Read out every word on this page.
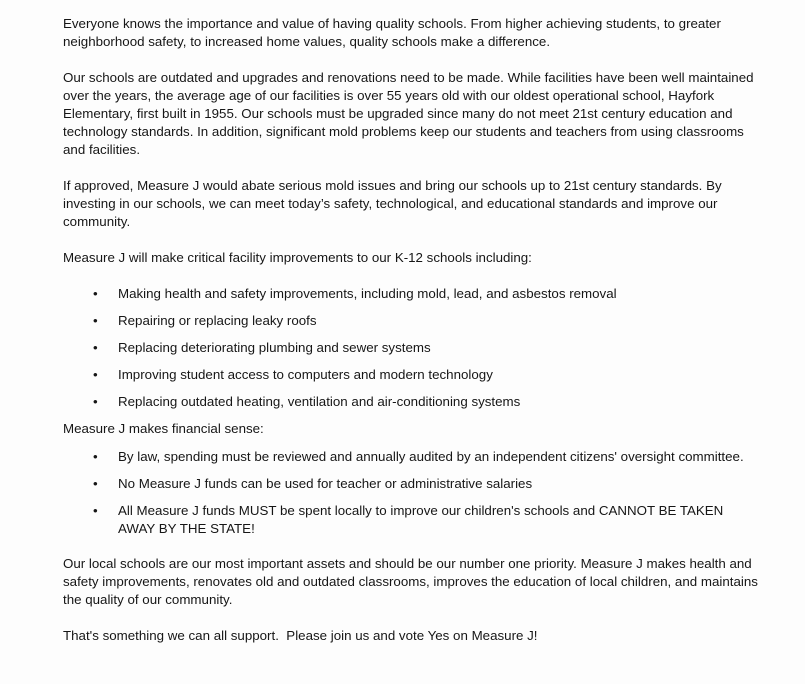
Everyone knows the importance and value of having quality schools. From higher achieving students, to greater neighborhood safety, to increased home values, quality schools make a difference.

Our schools are outdated and upgrades and renovations need to be made. While facilities have been well maintained over the years, the average age of our facilities is over 55 years old with our oldest operational school, Hayfork Elementary, first built in 1955. Our schools must be upgraded since many do not meet 21st century education and technology standards. In addition, significant mold problems keep our students and teachers from using classrooms and facilities.

If approved, Measure J would abate serious mold issues and bring our schools up to 21st century standards. By investing in our schools, we can meet today’s safety, technological, and educational standards and improve our community.

Measure J will make critical facility improvements to our K-12 schools including:

• Making health and safety improvements, including mold, lead, and asbestos removal
• Repairing or replacing leaky roofs
• Replacing deteriorating plumbing and sewer systems
• Improving student access to computers and modern technology
• Replacing outdated heating, ventilation and air-conditioning systems

Measure J makes financial sense:

• By law, spending must be reviewed and annually audited by an independent citizens' oversight committee.
• No Measure J funds can be used for teacher or administrative salaries
• All Measure J funds MUST be spent locally to improve our children's schools and CANNOT BE TAKEN AWAY BY THE STATE!

Our local schools are our most important assets and should be our number one priority. Measure J makes health and safety improvements, renovates old and outdated classrooms, improves the education of local children, and maintains the quality of our community.

That's something we can all support.  Please join us and vote Yes on Measure J!
